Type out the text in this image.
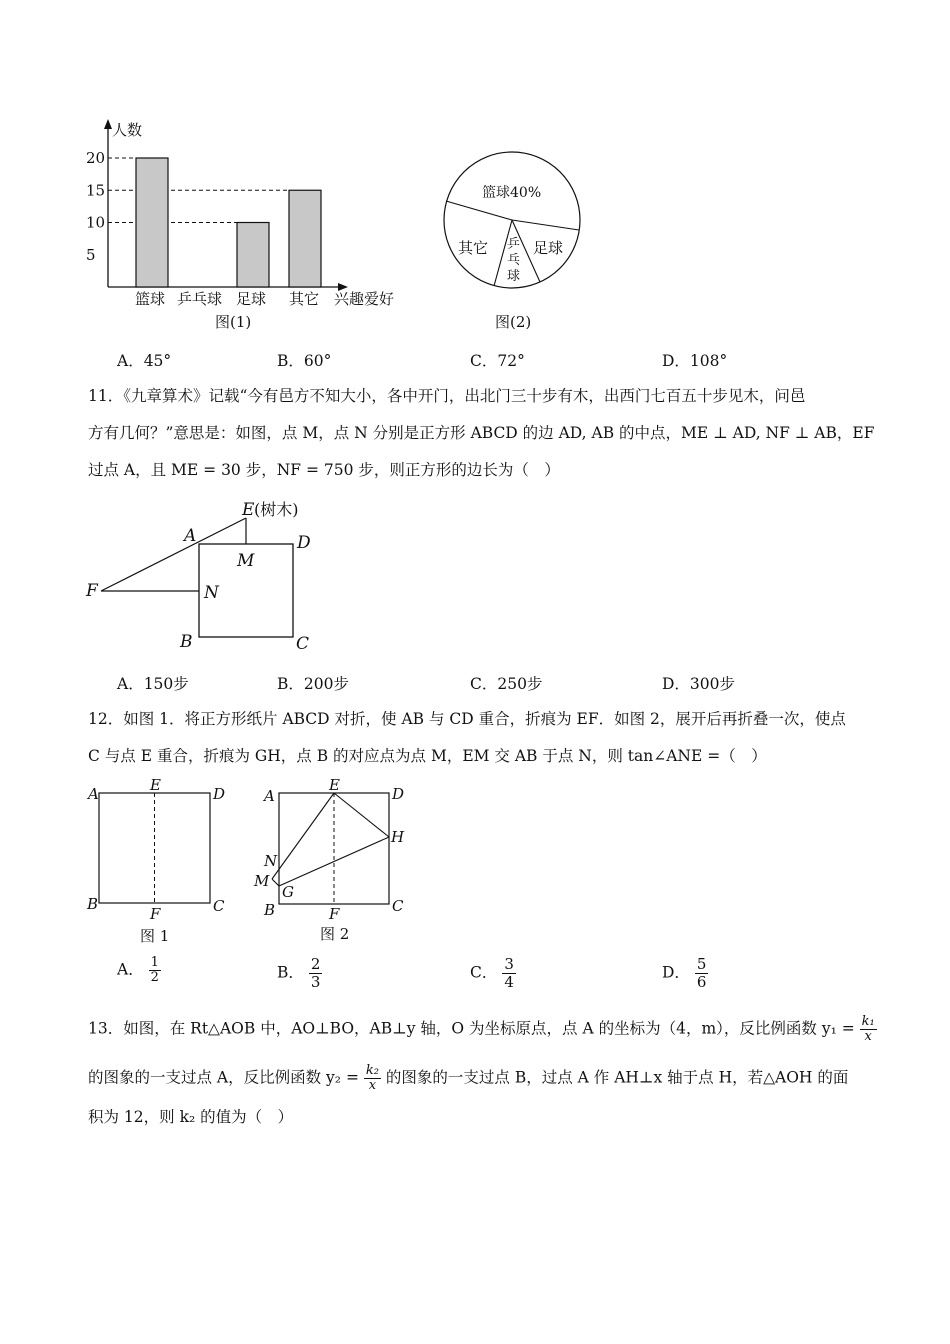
人数
5
10
15
20
篮球 乒乓球 足球 其它 兴趣爱好
图(1)
篮球40%
其它	足球
乒
乓
球
图(2)
A．45°	B．60°	C．72°	D．108°
11．《九章算术》记载“今有邑方不知大小，各中开门，出北门三十步有木，出西门七百五十步见木，问邑
方有几何？”意思是：如图，点 M，点 N 分别是正方形 ABCD 的边 AD, AB 的中点，ME ⊥ AD, NF ⊥ AB，EF
过点 A，且 ME = 30 步，NF = 750 步，则正方形的边长为（　）
E (树木)
A
M
D
F	N
B	C
A．150步	B．200步	C．250步	D．300步
12．如图 1．将正方形纸片 ABCD 对折，使 AB 与 CD 重合，折痕为 EF．如图 2，展开后再折叠一次，使点
C 与点 E 重合，折痕为 GH，点 B 的对应点为点 M，EM 交 AB 于点 N，则 tan∠ANE =（　）
A	E	D
B
F	C
图 1
A
E	D
H
N
M
G
B	F	C
图 2
A． $\frac{1}{2}$	B． $\frac{2}{3}$	C． $\frac{3}{4}$	D． $\frac{5}{6}$
13．如图，在 Rt△AOB 中，AO⊥BO，AB⊥y 轴，O 为坐标原点，点 A 的坐标为（4，m），反比例函数 $y_1 = \frac{\text{k₁}}{x}$
的图象的一支过点 A，反比例函数 $y_2 = \frac{\text{k₂}}{x}$ 的图象的一支过点 B，过点 A 作 AH⊥x 轴于点 H，若△AOH 的面
积为 12，则 k₂ 的值为（　）
